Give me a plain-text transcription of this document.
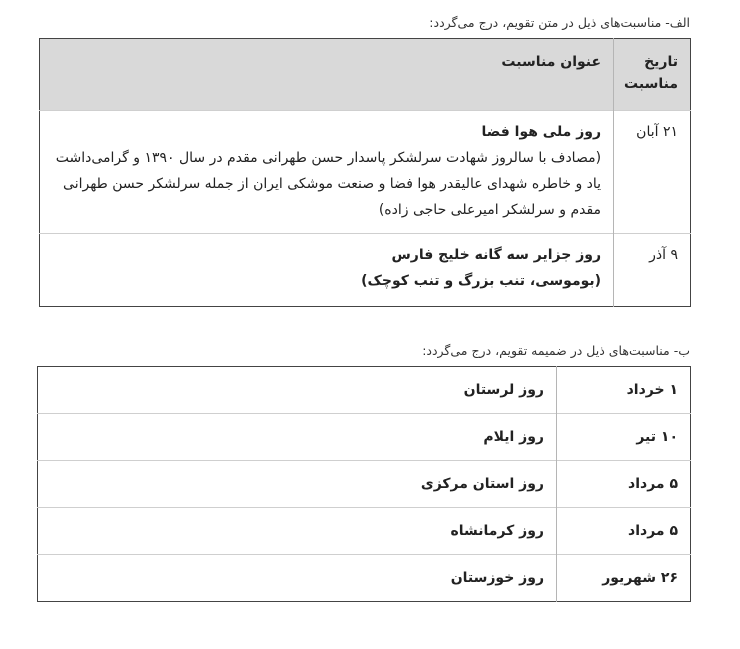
الف- مناسبت‌های ذیل در متن تقویم، درج می‌گردد:
تاریخ مناسبت	عنوان مناسبت
۲۱ آبان	روز ملی هوا فضا
(مصادف با سالروز شهادت سرلشکر پاسدار حسن طهرانی مقدم در سال ۱۳۹۰ و گرامی‌داشت یاد و خاطره شهدای عالیقدر هوا فضا و صنعت موشکی ایران از جمله سرلشکر حسن طهرانی مقدم و سرلشکر امیرعلی حاجی زاده)

۹ آذر	روز جزایر سه گانه خلیج فارس
(بوموسی، تنب بزرگ و تنب کوچک)
ب- مناسبت‌های ذیل در ضمیمه تقویم، درج می‌گردد:
۱ خرداد	روز لرستان
۱۰ تیر	روز ایلام
۵ مرداد	روز استان مرکزی
۵ مرداد	روز کرمانشاه
۲۶ شهریور	روز خوزستان
